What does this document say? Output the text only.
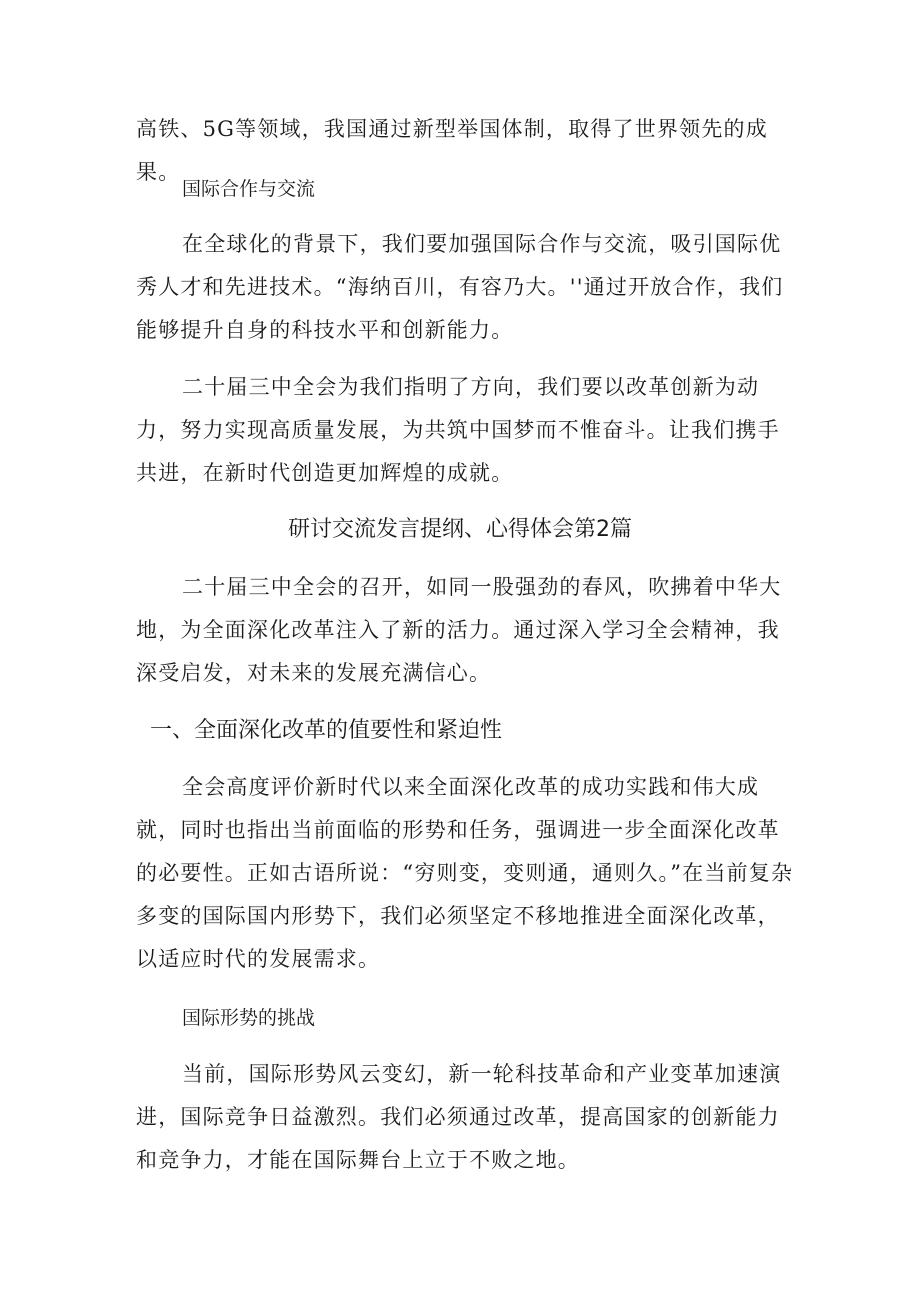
高铁、5G等领域，我国通过新型举国体制，取得了世界领先的成果。

国际合作与交流

在全球化的背景下，我们要加强国际合作与交流，吸引国际优秀人才和先进技术。“海纳百川，有容乃大。''通过开放合作，我们能够提升自身的科技水平和创新能力。

二十届三中全会为我们指明了方向，我们要以改革创新为动力，努力实现高质量发展，为共筑中国梦而不惟奋斗。让我们携手共进，在新时代创造更加辉煌的成就。

研讨交流发言提纲、心得体会第2篇

二十届三中全会的召开，如同一股强劲的春风，吹拂着中华大地，为全面深化改革注入了新的活力。通过深入学习全会精神，我深受启发，对未来的发展充满信心。

一、全面深化改革的值要性和紧迫性

全会高度评价新时代以来全面深化改革的成功实践和伟大成就，同时也指出当前面临的形势和任务，强调进一步全面深化改革的必要性。正如古语所说：“穷则变，变则通，通则久。”在当前复杂多变的国际国内形势下，我们必须坚定不移地推进全面深化改革，以适应时代的发展需求。

国际形势的挑战

当前，国际形势风云变幻，新一轮科技革命和产业变革加速演进，国际竞争日益激烈。我们必须通过改革，提高国家的创新能力和竞争力，才能在国际舞台上立于不败之地。
